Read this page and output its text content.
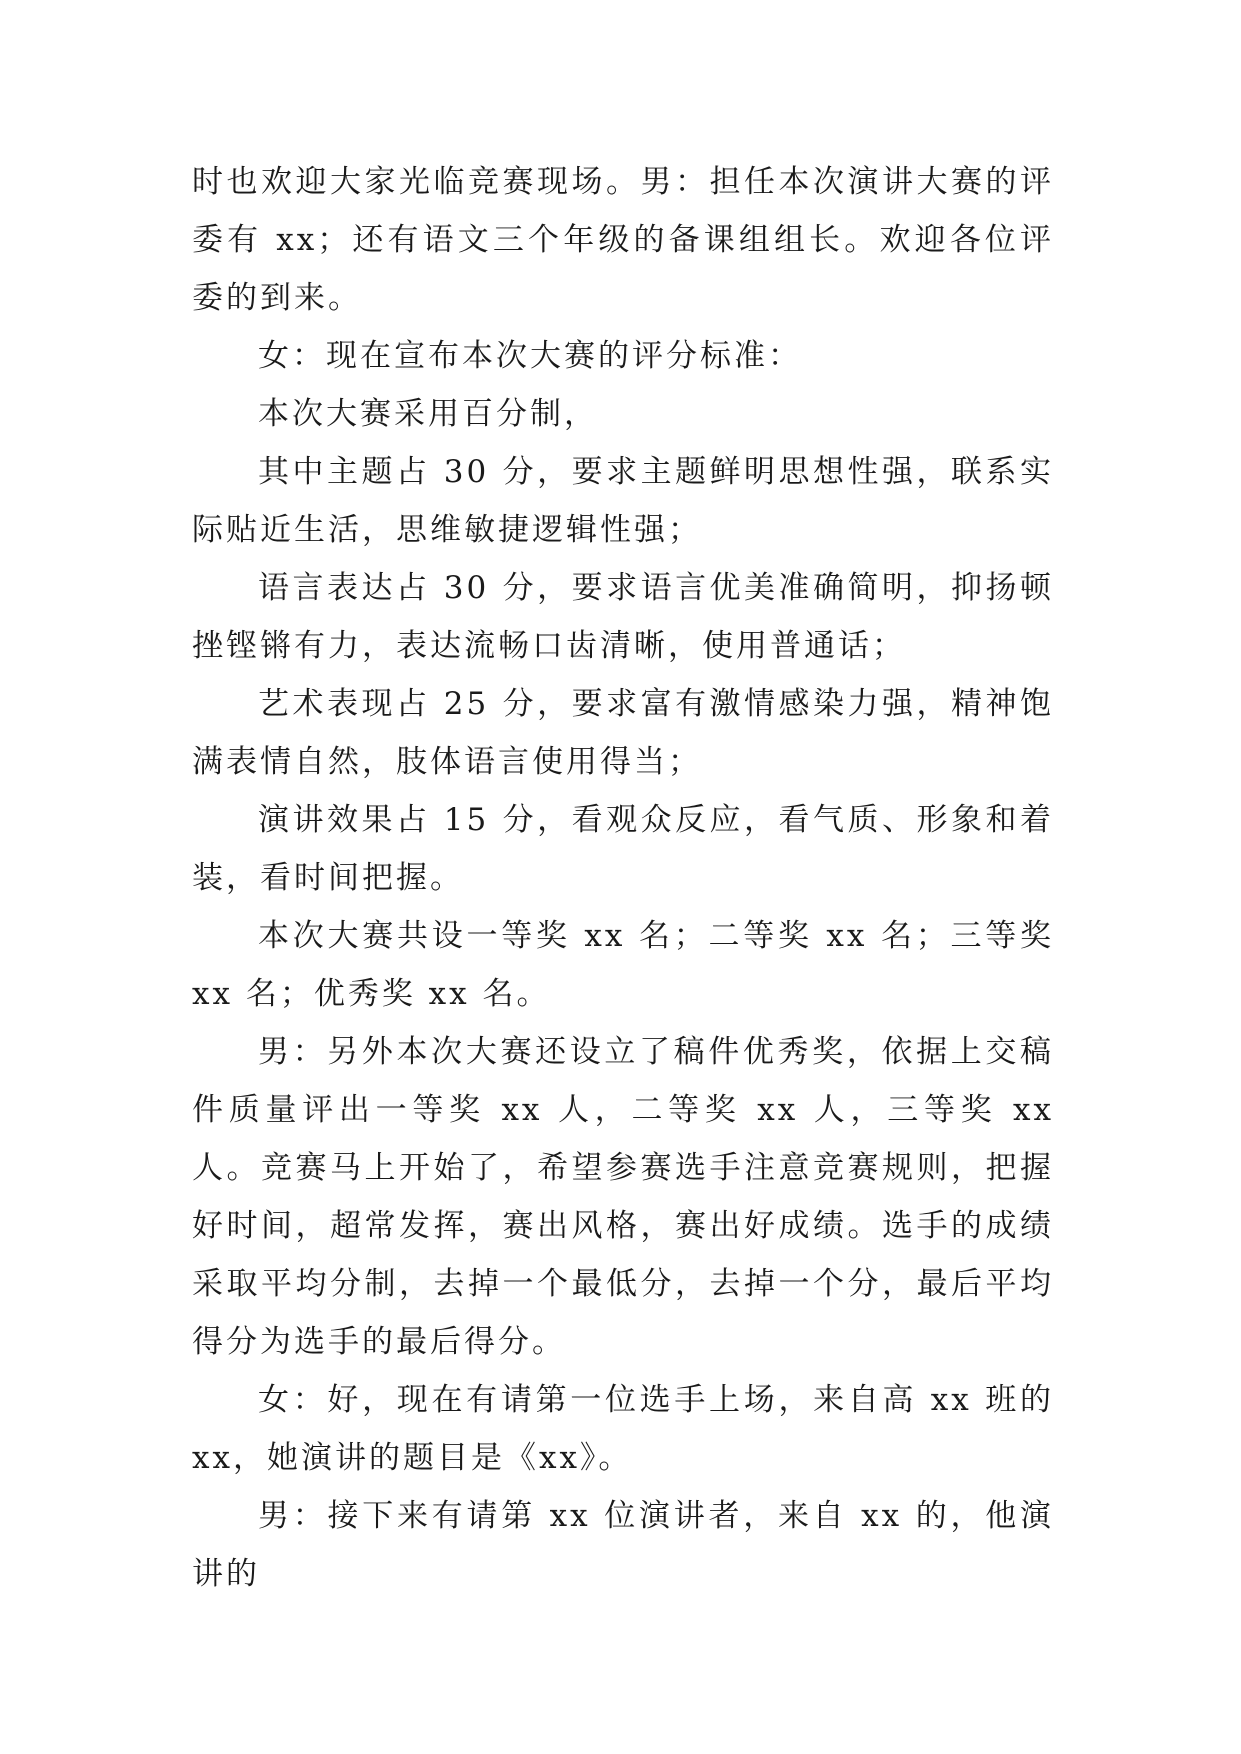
时也欢迎大家光临竞赛现场。男：担任本次演讲大赛的评委有 xx；还有语文三个年级的备课组组长。欢迎各位评委的到来。

女：现在宣布本次大赛的评分标准：

本次大赛采用百分制，

其中主题占 30 分，要求主题鲜明思想性强，联系实际贴近生活，思维敏捷逻辑性强；

语言表达占 30 分，要求语言优美准确简明，抑扬顿挫铿锵有力，表达流畅口齿清晰，使用普通话；

艺术表现占 25 分，要求富有激情感染力强，精神饱满表情自然，肢体语言使用得当；

演讲效果占 15 分，看观众反应，看气质、形象和着装，看时间把握。

本次大赛共设一等奖 xx 名；二等奖 xx 名；三等奖 xx 名；优秀奖 xx 名。

男：另外本次大赛还设立了稿件优秀奖，依据上交稿件质量评出一等奖 xx 人，二等奖 xx 人，三等奖 xx 人。竞赛马上开始了，希望参赛选手注意竞赛规则，把握好时间，超常发挥，赛出风格，赛出好成绩。选手的成绩采取平均分制，去掉一个最低分，去掉一个分，最后平均得分为选手的最后得分。

女：好，现在有请第一位选手上场，来自高 xx 班的 xx，她演讲的题目是《xx》。

男：接下来有请第 xx 位演讲者，来自 xx 的，他演讲的
